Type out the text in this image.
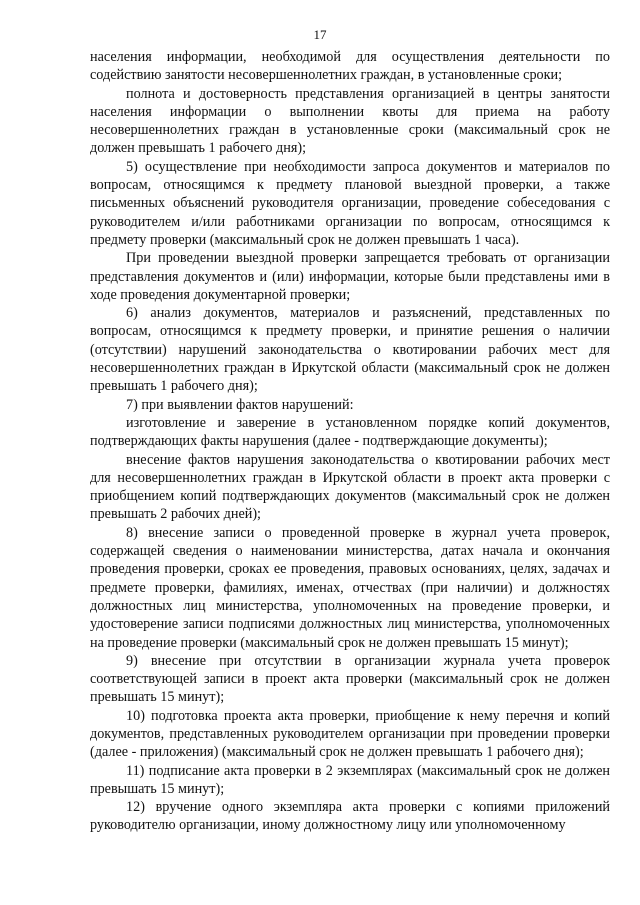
17

населения информации, необходимой для осуществления деятельности по содействию занятости несовершеннолетних граждан, в установленные сроки;

полнота и достоверность представления организацией в центры занятости населения информации о выполнении квоты для приема на работу несовершеннолетних граждан в установленные сроки (максимальный срок не должен превышать 1 рабочего дня);

5) осуществление при необходимости запроса документов и материалов по вопросам, относящимся к предмету плановой выездной проверки, а также письменных объяснений руководителя организации, проведение собеседования с руководителем и/или работниками организации по вопросам, относящимся к предмету проверки (максимальный срок не должен превышать 1 часа).

При проведении выездной проверки запрещается требовать от организации представления документов и (или) информации, которые были представлены ими в ходе проведения документарной проверки;

6) анализ документов, материалов и разъяснений, представленных по вопросам, относящимся к предмету проверки, и принятие решения о наличии (отсутствии) нарушений законодательства о квотировании рабочих мест для несовершеннолетних граждан в Иркутской области (максимальный срок не должен превышать 1 рабочего дня);

7) при выявлении фактов нарушений:

изготовление и заверение в установленном порядке копий документов, подтверждающих факты нарушения (далее - подтверждающие документы);

внесение фактов нарушения законодательства о квотировании рабочих мест для несовершеннолетних граждан в Иркутской области в проект акта проверки с приобщением копий подтверждающих документов (максимальный срок не должен превышать 2 рабочих дней);

8) внесение записи о проведенной проверке в журнал учета проверок, содержащей сведения о наименовании министерства, датах начала и окончания проведения проверки, сроках ее проведения, правовых основаниях, целях, задачах и предмете проверки, фамилиях, именах, отчествах (при наличии) и должностях должностных лиц министерства, уполномоченных на проведение проверки, и удостоверение записи подписями должностных лиц министерства, уполномоченных на проведение проверки (максимальный срок не должен превышать 15 минут);

9) внесение при отсутствии в организации журнала учета проверок соответствующей записи в проект акта проверки (максимальный срок не должен превышать 15 минут);

10) подготовка проекта акта проверки, приобщение к нему перечня и копий документов, представленных руководителем организации при проведении проверки (далее - приложения) (максимальный срок не должен превышать 1 рабочего дня);

11) подписание акта проверки в 2 экземплярах (максимальный срок не должен превышать 15 минут);

12) вручение одного экземпляра акта проверки с копиями приложений руководителю организации, иному должностному лицу или уполномоченному
